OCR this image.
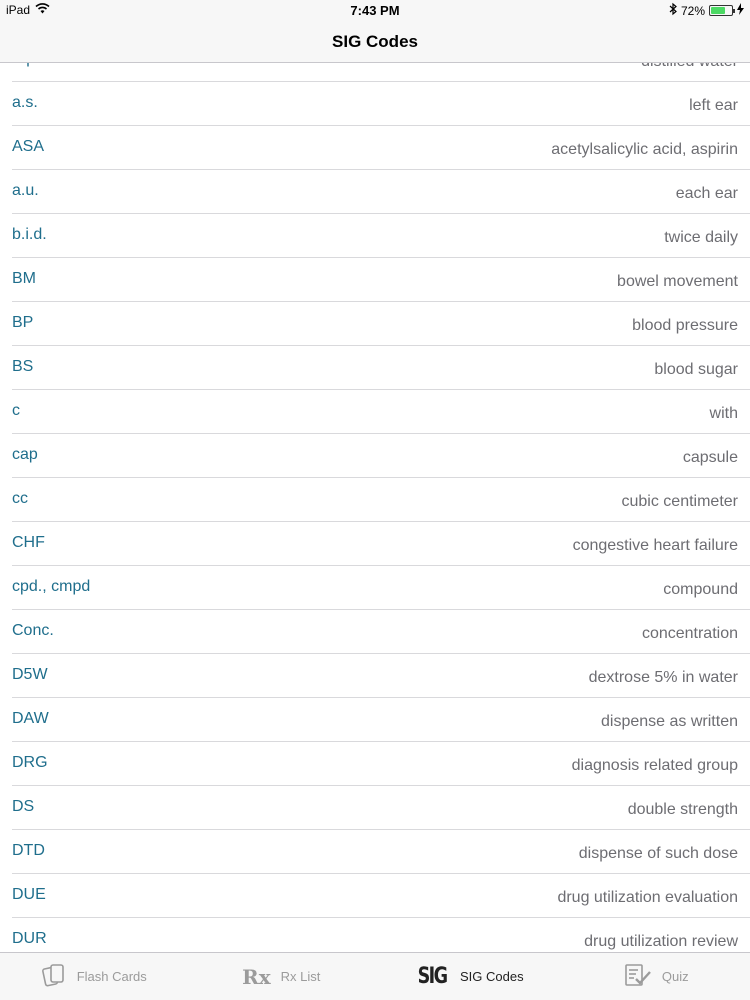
iPad	7:43 PM	72%
SIG Codes
a.s.	left ear
ASA	acetylsalicylic acid, aspirin
a.u.	each ear
b.i.d.	twice daily
BM	bowel movement
BP	blood pressure
BS	blood sugar
c	with
cap	capsule
cc	cubic centimeter
CHF	congestive heart failure
cpd., cmpd	compound
Conc.	concentration
D5W	dextrose 5% in water
DAW	dispense as written
DRG	diagnosis related group
DS	double strength
DTD	dispense of such dose
DUE	drug utilization evaluation
DUR	drug utilization review
Flash Cards	Rx Rx List	SIG SIG Codes	Quiz
